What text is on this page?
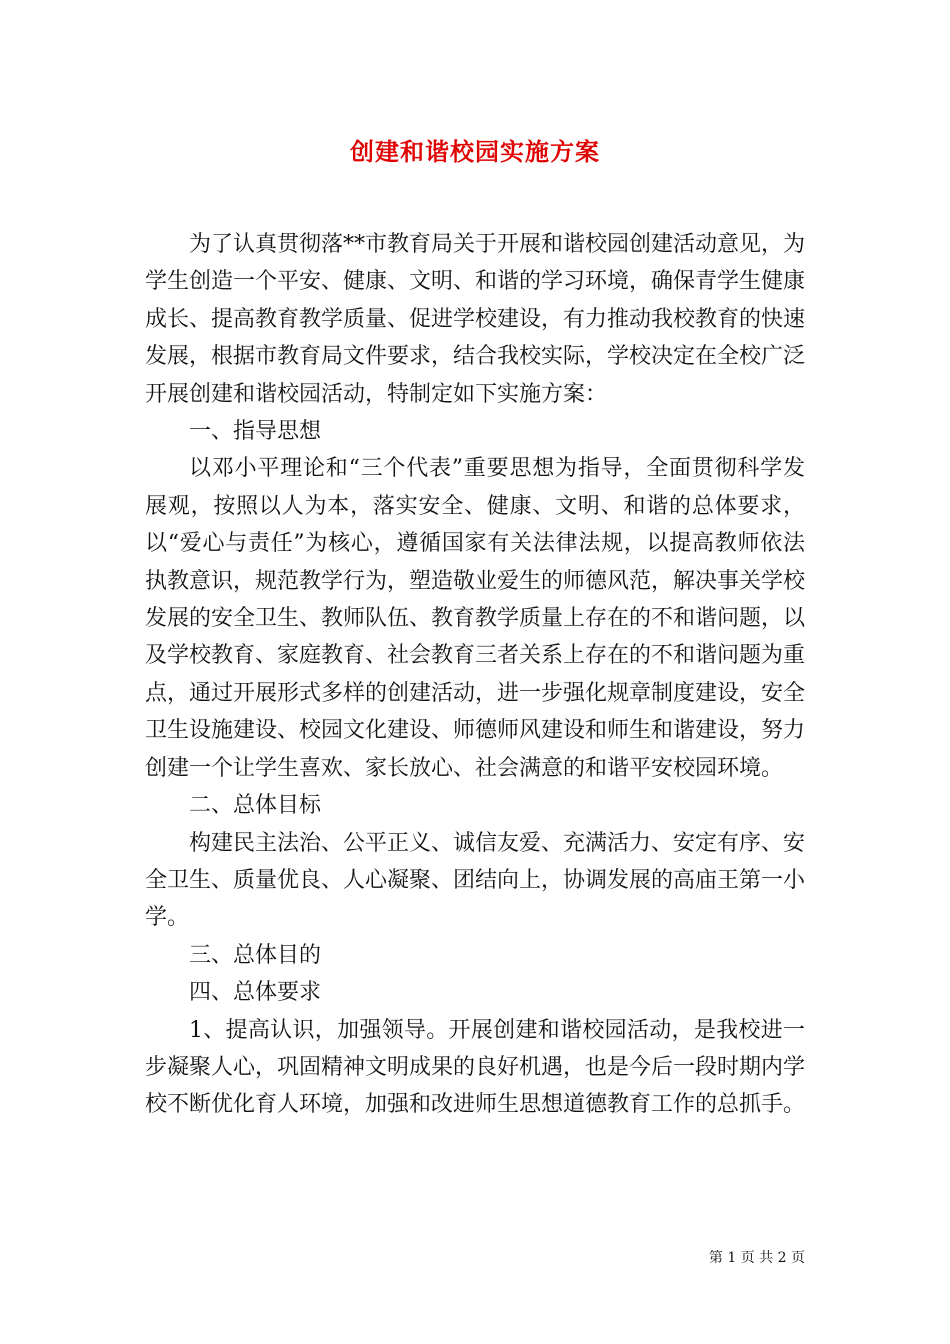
创建和谐校园实施方案

为了认真贯彻落**市教育局关于开展和谐校园创建活动意见，为学生创造一个平安、健康、文明、和谐的学习环境，确保青学生健康成长、提高教育教学质量、促进学校建设，有力推动我校教育的快速发展，根据市教育局文件要求，结合我校实际，学校决定在全校广泛开展创建和谐校园活动，特制定如下实施方案：

一、指导思想

以邓小平理论和“三个代表”重要思想为指导，全面贯彻科学发展观，按照以人为本，落实安全、健康、文明、和谐的总体要求，以“爱心与责任”为核心，遵循国家有关法律法规，以提高教师依法执教意识，规范教学行为，塑造敬业爱生的师德风范，解决事关学校发展的安全卫生、教师队伍、教育教学质量上存在的不和谐问题，以及学校教育、家庭教育、社会教育三者关系上存在的不和谐问题为重点，通过开展形式多样的创建活动，进一步强化规章制度建设，安全卫生设施建设、校园文化建设、师德师风建设和师生和谐建设，努力创建一个让学生喜欢、家长放心、社会满意的和谐平安校园环境。

二、总体目标

构建民主法治、公平正义、诚信友爱、充满活力、安定有序、安全卫生、质量优良、人心凝聚、团结向上，协调发展的高庙王第一小学。

三、总体目的

四、总体要求

1、提高认识，加强领导。开展创建和谐校园活动，是我校进一步凝聚人心，巩固精神文明成果的良好机遇，也是今后一段时期内学校不断优化育人环境，加强和改进师生思想道德教育工作的总抓手。

第 1 页 共 2 页
